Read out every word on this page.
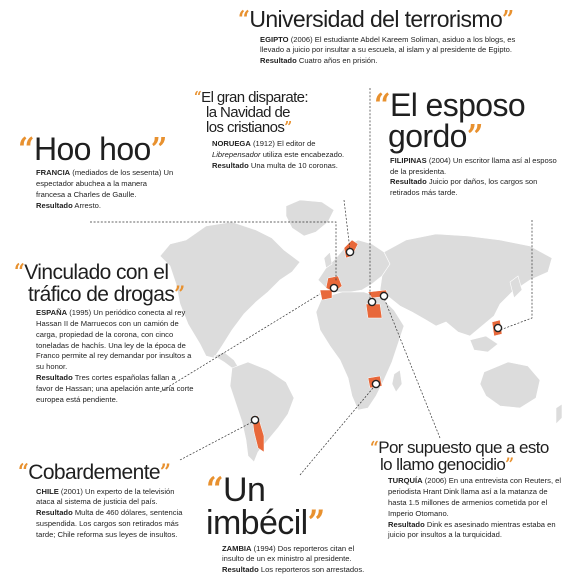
“Universidad del terrorismo”

EGIPTO (2006) El estudiante Abdel Kareem Soliman, asiduo a los blogs, es llevado a juicio por insultar a su escuela, al islam y al presidente de Egipto.

Resultado Cuatro años en prisión.

“El gran disparate:
la Navidad de
los cristianos”

NORUEGA (1912) El editor de Librepensador utiliza este encabezado.

Resultado Una multa de 10 coronas.

“El esposo
gordo”

FILIPINAS (2004) Un escritor llama así al esposo de la presidenta.

Resultado Juicio por daños, los cargos son retirados más tarde.

“Hoo hoo”

FRANCIA (mediados de los sesenta) Un espectador abuchea a la manera francesa a Charles de Gaulle.

Resultado Arresto.

“Vinculado con el
tráfico de drogas”

ESPAÑA (1995) Un periódico conecta al rey Hassan II de Marruecos con un camión de carga, propiedad de la corona, con cinco toneladas de hachís. Una ley de la época de Franco permite al rey demandar por insultos a su honor.

Resultado Tres cortes españolas fallan a favor de Hassan; una apelación ante una corte europea está pendiente.

“Cobardemente”

CHILE (2001) Un experto de la televisión ataca al sistema de justicia del país.

Resultado Multa de 460 dólares, sentencia suspendida. Los cargos son retirados más tarde; Chile reforma sus leyes de insultos.

“Un imbécil”

ZAMBIA (1994) Dos reporteros citan el insulto de un ex ministro al presidente.

Resultado Los reporteros son arrestados.

“Por supuesto que a esto
lo llamo genocidio”

TURQUÍA (2006) En una entrevista con Reuters, el periodista Hrant Dink llama así a la matanza de hasta 1.5 millones de armenios cometida por el Imperio Otomano.

Resultado Dink es asesinado mientras estaba en juicio por insultos a la turquicidad.
